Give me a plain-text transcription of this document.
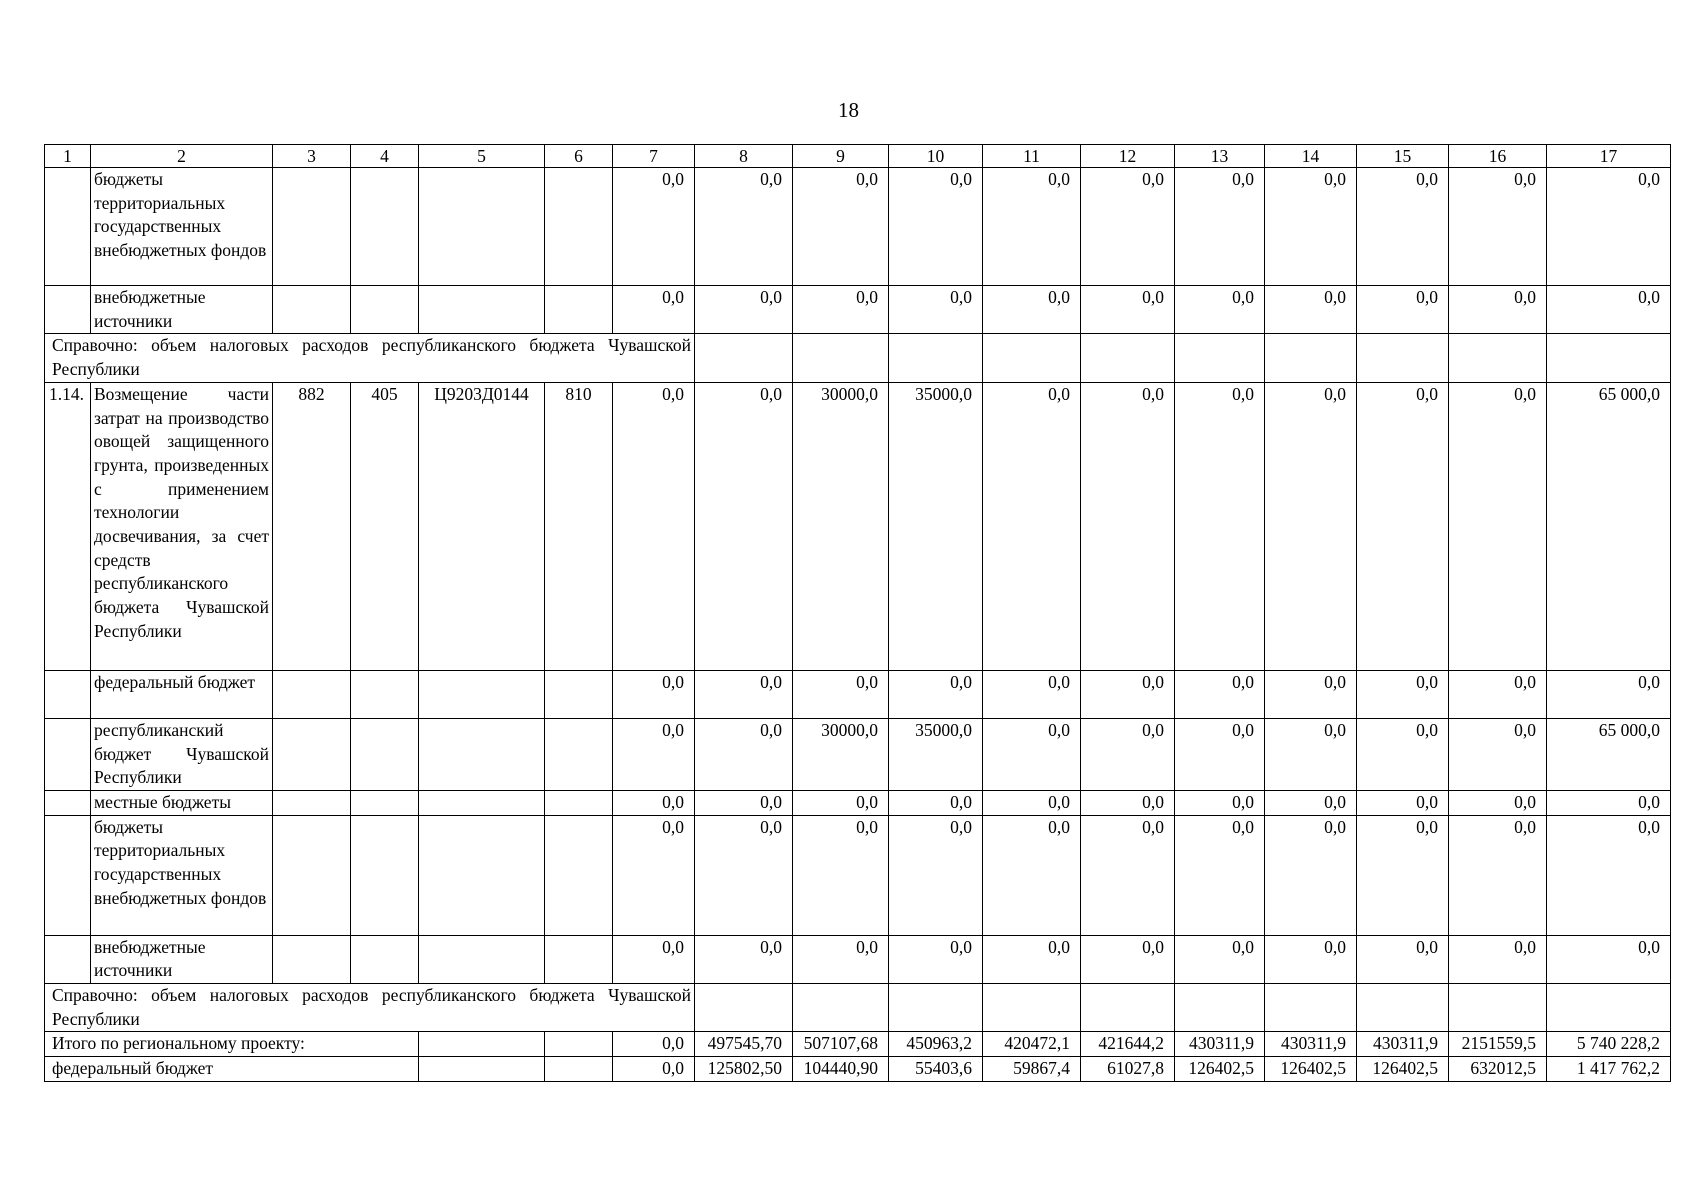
18
1	2	3	4	5	6	7	8	9	10	11	12	13	14	15	16	17
	бюджеты территориальных государственных внебюджетных фондов					0,0	0,0	0,0	0,0	0,0	0,0	0,0	0,0	0,0	0,0	0,0
	внебюджетные источники					0,0	0,0	0,0	0,0	0,0	0,0	0,0	0,0	0,0	0,0	0,0
Справочно: объем налоговых расходов республиканского бюджета Чувашской Республики																
1.14.	Возмещение части затрат на производство овощей защищенного грунта, произведенных с применением технологии досвечивания, за счет средств республиканского бюджета Чувашской Республики	882	405	Ц9203Д0144	810	0,0	0,0	30000,0	35000,0	0,0	0,0	0,0	0,0	0,0	0,0	65 000,0
	федеральный бюджет					0,0	0,0	0,0	0,0	0,0	0,0	0,0	0,0	0,0	0,0	0,0
	республиканский бюджет Чувашской Республики					0,0	0,0	30000,0	35000,0	0,0	0,0	0,0	0,0	0,0	0,0	65 000,0
	местные бюджеты					0,0	0,0	0,0	0,0	0,0	0,0	0,0	0,0	0,0	0,0	0,0
	бюджеты территориальных государственных внебюджетных фондов					0,0	0,0	0,0	0,0	0,0	0,0	0,0	0,0	0,0	0,0	0,0
	внебюджетные источники					0,0	0,0	0,0	0,0	0,0	0,0	0,0	0,0	0,0	0,0	0,0
Справочно: объем налоговых расходов республиканского бюджета Чувашской Республики																
Итого по региональному проекту:						0,0	497545,70	507107,68	450963,2	420472,1	421644,2	430311,9	430311,9	430311,9	2151559,5	5 740 228,2
федеральный бюджет						0,0	125802,50	104440,90	55403,6	59867,4	61027,8	126402,5	126402,5	126402,5	632012,5	1 417 762,2
